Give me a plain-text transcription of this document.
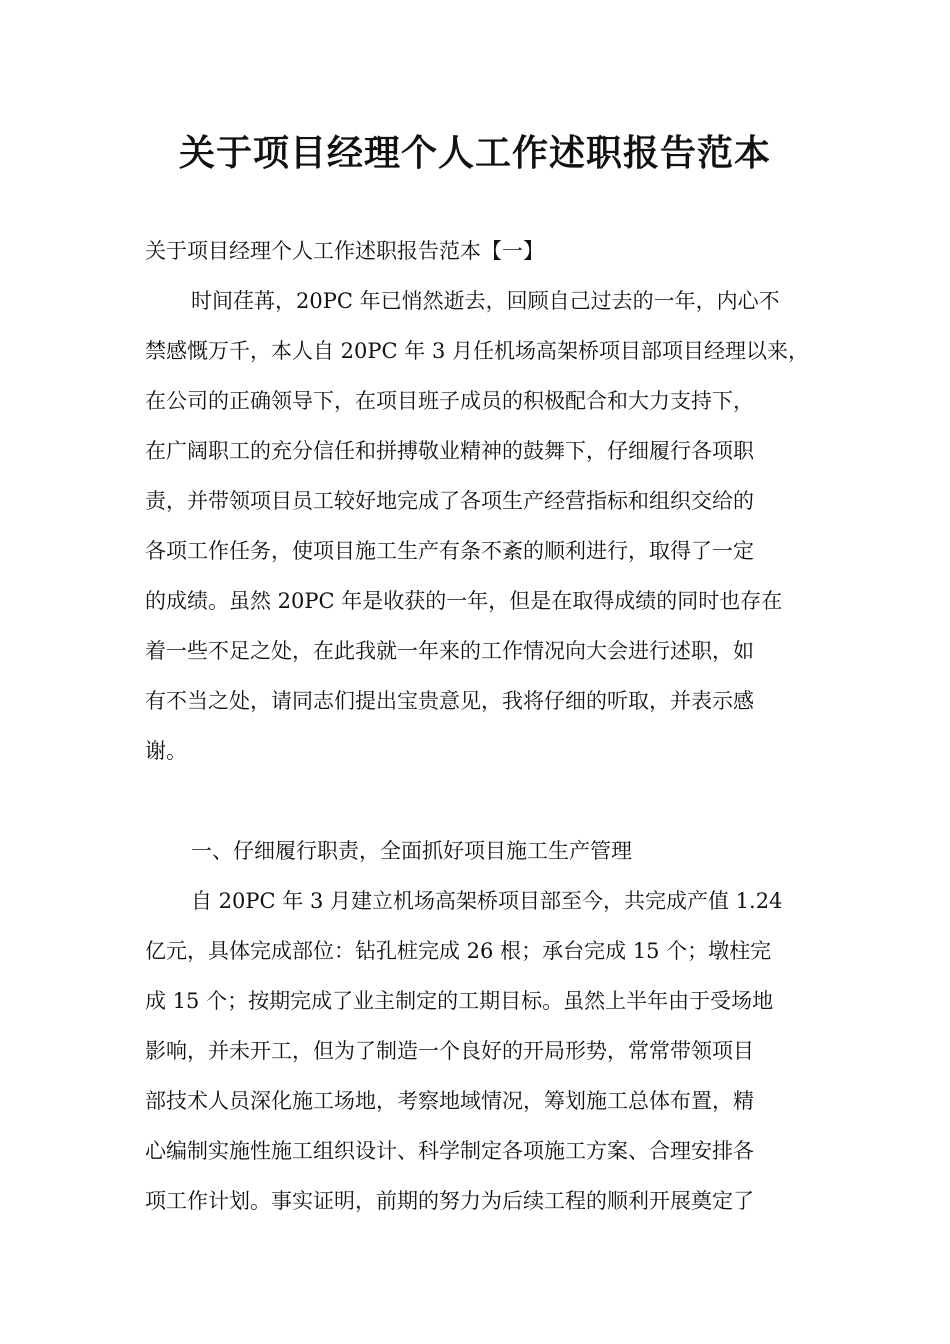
关于项目经理个人工作述职报告范本
关于项目经理个人工作述职报告范本【一】
时间荏苒，20PC 年已悄然逝去，回顾自己过去的一年，内心不
禁感慨万千，本人自 20PC 年 3 月任机场高架桥项目部项目经理以来，
在公司的正确领导下，在项目班子成员的积极配合和大力支持下，
在广阔职工的充分信任和拼搏敬业精神的鼓舞下，仔细履行各项职
责，并带领项目员工较好地完成了各项生产经营指标和组织交给的
各项工作任务，使项目施工生产有条不紊的顺利进行，取得了一定
的成绩。虽然 20PC 年是收获的一年，但是在取得成绩的同时也存在
着一些不足之处，在此我就一年来的工作情况向大会进行述职，如
有不当之处，请同志们提出宝贵意见，我将仔细的听取，并表示感
谢。
一、仔细履行职责，全面抓好项目施工生产管理
自 20PC 年 3 月建立机场高架桥项目部至今，共完成产值 1.24
亿元，具体完成部位：钻孔桩完成 26 根；承台完成 15 个；墩柱完
成 15 个；按期完成了业主制定的工期目标。虽然上半年由于受场地
影响，并未开工，但为了制造一个良好的开局形势，常常带领项目
部技术人员深化施工场地，考察地域情况，筹划施工总体布置，精
心编制实施性施工组织设计、科学制定各项施工方案、合理安排各
项工作计划。事实证明，前期的努力为后续工程的顺利开展奠定了
